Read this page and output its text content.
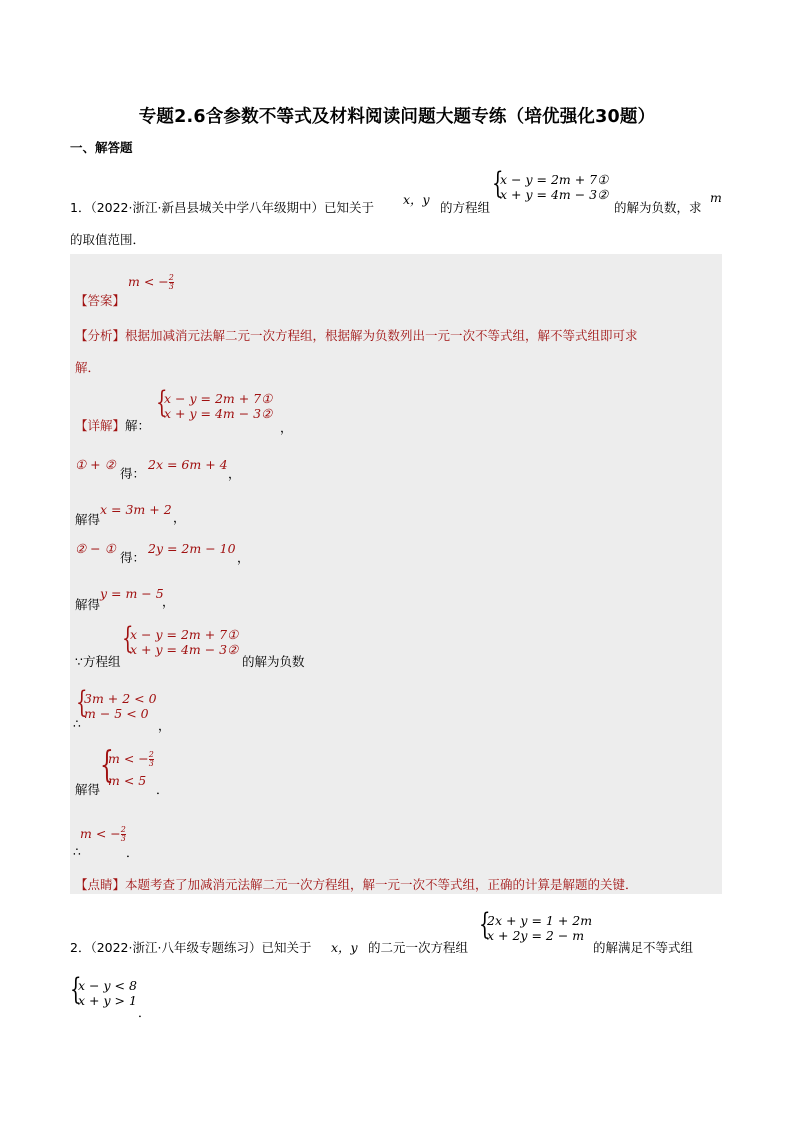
专题2.6含参数不等式及材料阅读问题大题专练（培优强化30题）
一、解答题
1．（2022·浙江·新昌县城关中学八年级期中）已知关于
x，y
的方程组
{
x − y = 2m + 7①
x + y = 4m − 3②
的解为负数，求
m
的取值范围．
【答案】
m < − $\frac{2}{3}$
【分析】根据加减消元法解二元一次方程组，根据解为负数列出一元一次不等式组，解不等式组即可求
解．
【详解】解：
{
x − y = 2m + 7①
x + y = 4m − 3②
，
① + ②
得：
2x = 6m + 4
，
解得
x = 3m + 2
，
② − ①
得：
2y = 2m − 10
，
解得
y = m − 5
，
∵方程组
{
x − y = 2m + 7①
x + y = 4m − 3②
的解为负数
{
3m + 2 < 0
m − 5 < 0
∴	，
解得
{
m < − $\frac{2}{3}$
m < 5
．
m < − $\frac{2}{3}$
∴	．
【点睛】本题考查了加减消元法解二元一次方程组，解一元一次不等式组，正确的计算是解题的关键．
2．（2022·浙江·八年级专题练习）已知关于 x，y 的二元一次方程组
{
2x + y = 1 + 2m
x + 2y = 2 − m
的解满足不等式组
{
x − y < 8
x + y > 1
．
